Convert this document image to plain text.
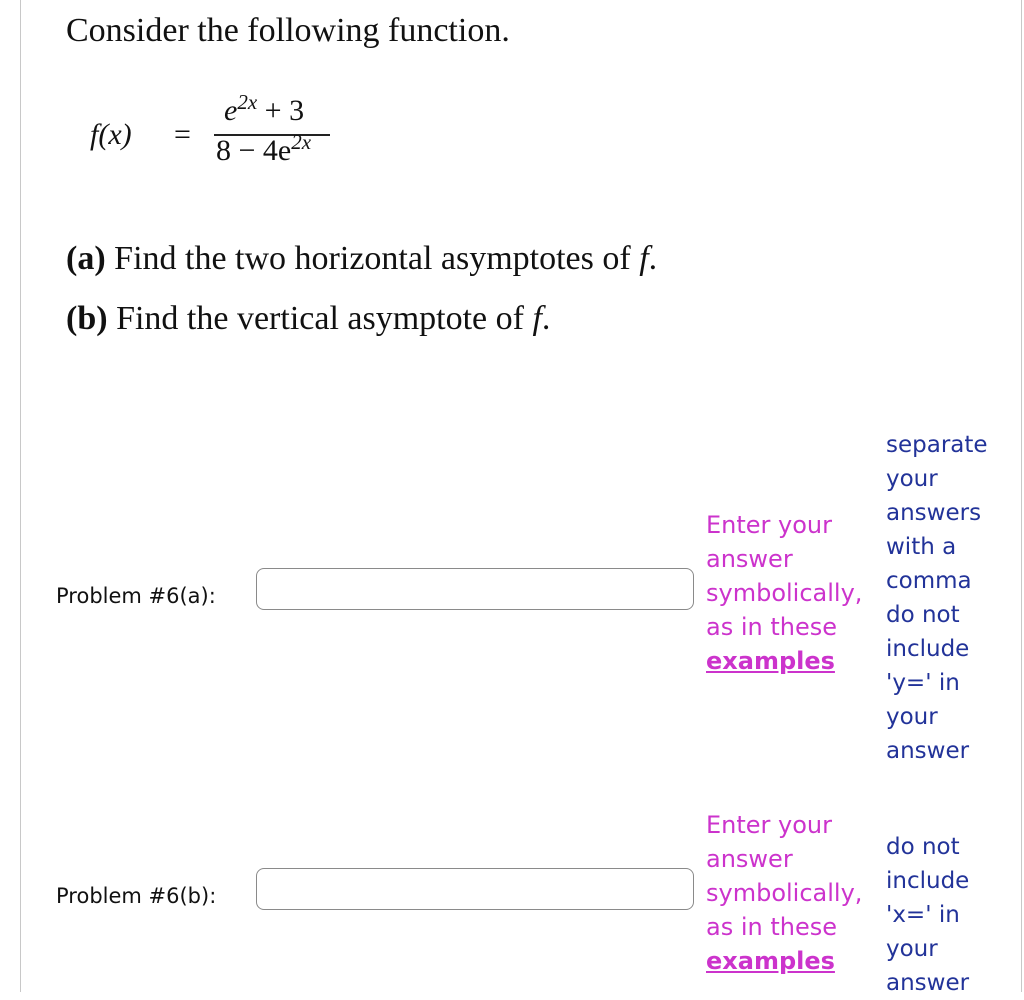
Consider the following function.
f(x) =
$e^{2x} + 3$
$8 - 4e^{2x}$
(a) Find the two horizontal asymptotes of f.
(b) Find the vertical asymptote of f.
Problem #6(a):
Enter your
answer
symbolically,
as in these
examples
separate
your
answers
with a
comma
do not
include
'y=' in
your
answer
Problem #6(b):
Enter your
answer
symbolically,
as in these
examples
do not
include
'x=' in
your
answer
